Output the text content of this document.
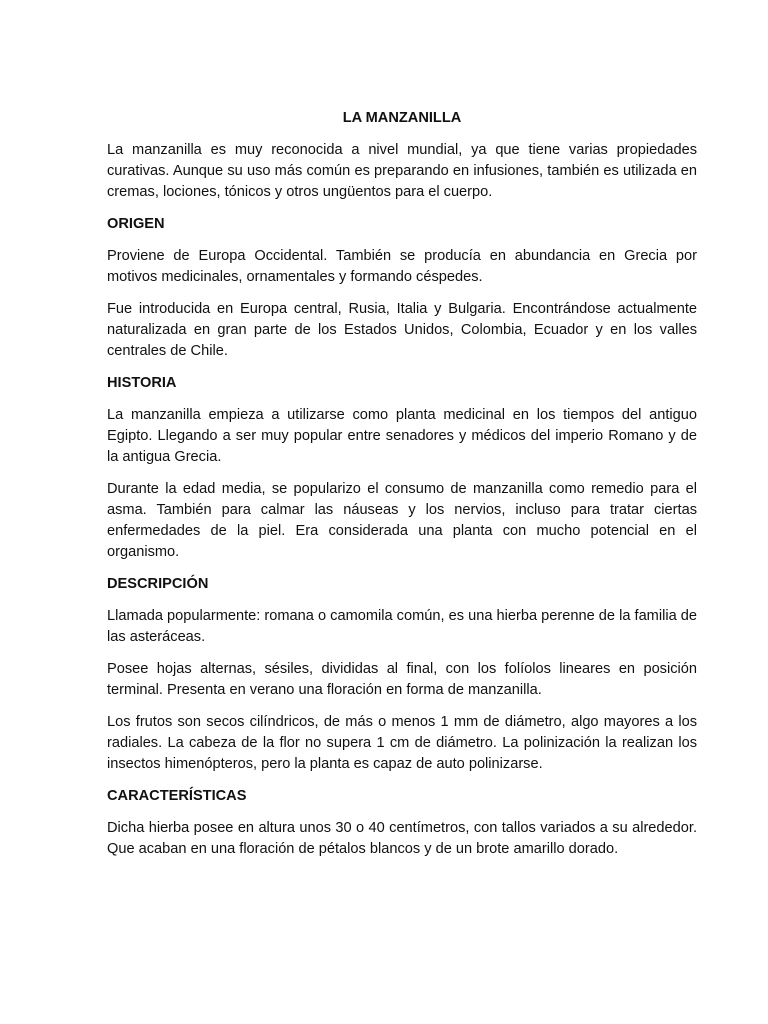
LA MANZANILLA

La manzanilla es muy reconocida a nivel mundial, ya que tiene varias propiedades curativas. Aunque su uso más común es preparando en infusiones, también es utilizada en cremas, lociones, tónicos y otros ungüentos para el cuerpo.

ORIGEN

Proviene de Europa Occidental. También se producía en abundancia en Grecia por motivos medicinales, ornamentales y formando céspedes.

Fue introducida en Europa central, Rusia, Italia y Bulgaria. Encontrándose actualmente naturalizada en gran parte de los Estados Unidos, Colombia, Ecuador y en los valles centrales de Chile.

HISTORIA

La manzanilla empieza a utilizarse como planta medicinal en los tiempos del antiguo Egipto. Llegando a ser muy popular entre senadores y médicos del imperio Romano y de la antigua Grecia.

Durante la edad media, se popularizo el consumo de manzanilla como remedio para el asma. También para calmar las náuseas y los nervios, incluso para tratar ciertas enfermedades de la piel. Era considerada una planta con mucho potencial en el organismo.

DESCRIPCIÓN

Llamada popularmente: romana o camomila común, es una hierba perenne de la familia de las asteráceas.

Posee hojas alternas, sésiles, divididas al final, con los folíolos lineares en posición terminal. Presenta en verano una floración en forma de manzanilla.

Los frutos son secos cilíndricos, de más o menos 1 mm de diámetro, algo mayores a los radiales. La cabeza de la flor no supera 1 cm de diámetro. La polinización la realizan los insectos himenópteros, pero la planta es capaz de auto polinizarse.

CARACTERÍSTICAS

Dicha hierba posee en altura unos 30 o 40 centímetros, con tallos variados a su alrededor. Que acaban en una floración de pétalos blancos y de un brote amarillo dorado.
